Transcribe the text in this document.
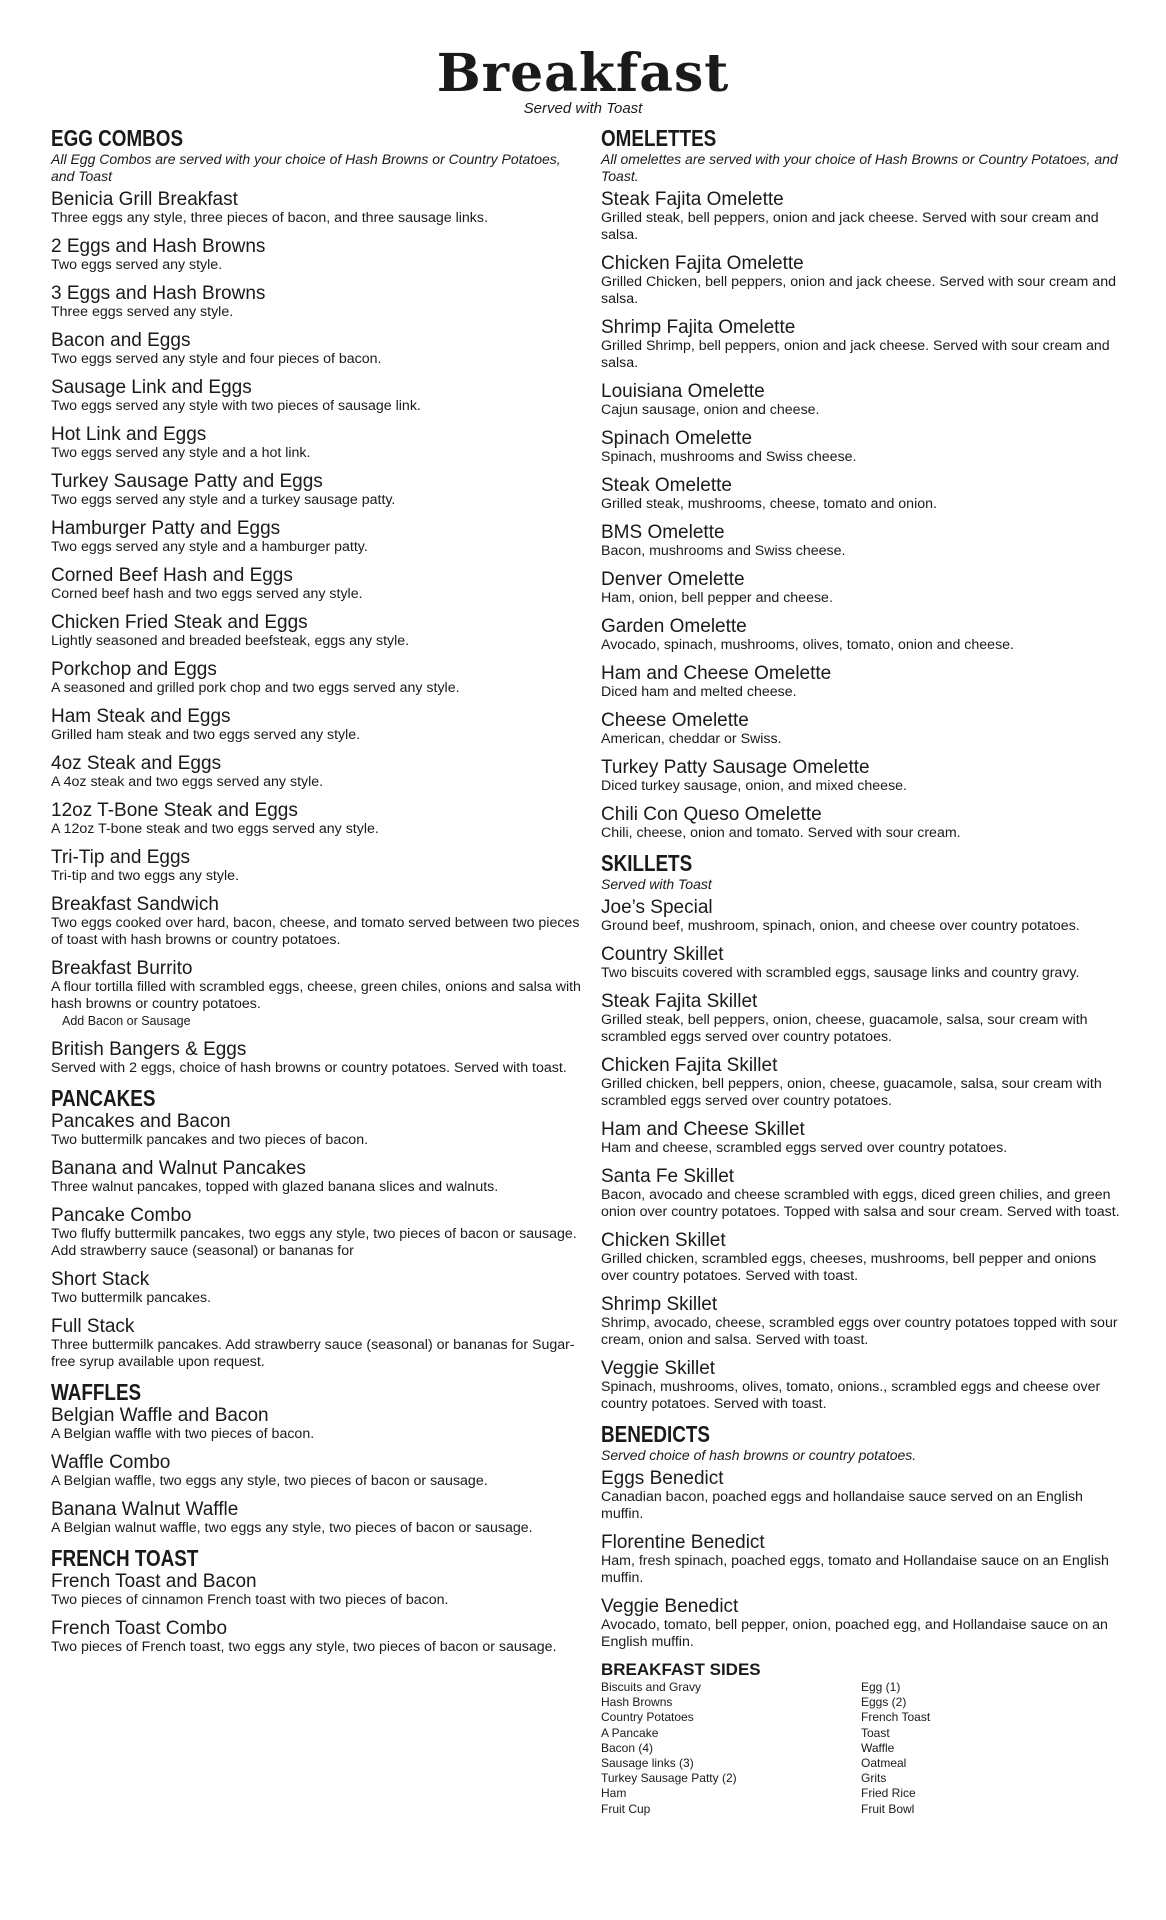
Breakfast
Served with Toast
EGG COMBOS
All Egg Combos are served with your choice of Hash Browns or Country Potatoes, and Toast
Benicia Grill Breakfast
Three eggs any style, three pieces of bacon, and three sausage links.
2 Eggs and Hash Browns
Two eggs served any style.
3 Eggs and Hash Browns
Three eggs served any style.
Bacon and Eggs
Two eggs served any style and four pieces of bacon.
Sausage Link and Eggs
Two eggs served any style with two pieces of sausage link.
Hot Link and Eggs
Two eggs served any style and a hot link.
Turkey Sausage Patty and Eggs
Two eggs served any style and a turkey sausage patty.
Hamburger Patty and Eggs
Two eggs served any style and a hamburger patty.
Corned Beef Hash and Eggs
Corned beef hash and two eggs served any style.
Chicken Fried Steak and Eggs
Lightly seasoned and breaded beefsteak, eggs any style.
Porkchop and Eggs
A seasoned and grilled pork chop and two eggs served any style.
Ham Steak and Eggs
Grilled ham steak and two eggs served any style.
4oz Steak and Eggs
A 4oz steak and two eggs served any style.
12oz T-Bone Steak and Eggs
A 12oz T-bone steak and two eggs served any style.
Tri-Tip and Eggs
Tri-tip and two eggs any style.
Breakfast Sandwich
Two eggs cooked over hard, bacon, cheese, and tomato served between two pieces of toast with hash browns or country potatoes.
Breakfast Burrito
A flour tortilla filled with scrambled eggs, cheese, green chiles, onions and salsa with hash browns or country potatoes.
Add Bacon or Sausage
British Bangers & Eggs
Served with 2 eggs, choice of hash browns or country potatoes. Served with toast.
PANCAKES
Pancakes and Bacon
Two buttermilk pancakes and two pieces of bacon.
Banana and Walnut Pancakes
Three walnut pancakes, topped with glazed banana slices and walnuts.
Pancake Combo
Two fluffy buttermilk pancakes, two eggs any style, two pieces of bacon or sausage. Add strawberry sauce (seasonal) or bananas for
Short Stack
Two buttermilk pancakes.
Full Stack
Three buttermilk pancakes. Add strawberry sauce (seasonal) or bananas for Sugar-free syrup available upon request.
WAFFLES
Belgian Waffle and Bacon
A Belgian waffle with two pieces of bacon.
Waffle Combo
A Belgian waffle, two eggs any style, two pieces of bacon or sausage.
Banana Walnut Waffle
A Belgian walnut waffle, two eggs any style, two pieces of bacon or sausage.
FRENCH TOAST
French Toast and Bacon
Two pieces of cinnamon French toast with two pieces of bacon.
French Toast Combo
Two pieces of French toast, two eggs any style, two pieces of bacon or sausage.
OMELETTES
All omelettes are served with your choice of Hash Browns or Country Potatoes, and Toast.
Steak Fajita Omelette
Grilled steak, bell peppers, onion and jack cheese. Served with sour cream and salsa.
Chicken Fajita Omelette
Grilled Chicken, bell peppers, onion and jack cheese. Served with sour cream and salsa.
Shrimp Fajita Omelette
Grilled Shrimp, bell peppers, onion and jack cheese. Served with sour cream and salsa.
Louisiana Omelette
Cajun sausage, onion and cheese.
Spinach Omelette
Spinach, mushrooms and Swiss cheese.
Steak Omelette
Grilled steak, mushrooms, cheese, tomato and onion.
BMS Omelette
Bacon, mushrooms and Swiss cheese.
Denver Omelette
Ham, onion, bell pepper and cheese.
Garden Omelette
Avocado, spinach, mushrooms, olives, tomato, onion and cheese.
Ham and Cheese Omelette
Diced ham and melted cheese.
Cheese Omelette
American, cheddar or Swiss.
Turkey Patty Sausage Omelette
Diced turkey sausage, onion, and mixed cheese.
Chili Con Queso Omelette
Chili, cheese, onion and tomato. Served with sour cream.
SKILLETS
Served with Toast
Joe’s Special
Ground beef, mushroom, spinach, onion, and cheese over country potatoes.
Country Skillet
Two biscuits covered with scrambled eggs, sausage links and country gravy.
Steak Fajita Skillet
Grilled steak, bell peppers, onion, cheese, guacamole, salsa, sour cream with scrambled eggs served over country potatoes.
Chicken Fajita Skillet
Grilled chicken, bell peppers, onion, cheese, guacamole, salsa, sour cream with scrambled eggs served over country potatoes.
Ham and Cheese Skillet
Ham and cheese, scrambled eggs served over country potatoes.
Santa Fe Skillet
Bacon, avocado and cheese scrambled with eggs, diced green chilies, and green onion over country potatoes. Topped with salsa and sour cream. Served with toast.
Chicken Skillet
Grilled chicken, scrambled eggs, cheeses, mushrooms, bell pepper and onions over country potatoes. Served with toast.
Shrimp Skillet
Shrimp, avocado, cheese, scrambled eggs over country potatoes topped with sour cream, onion and salsa. Served with toast.
Veggie Skillet
Spinach, mushrooms, olives, tomato, onions., scrambled eggs and cheese over country potatoes. Served with toast.
BENEDICTS
Served choice of hash browns or country potatoes.
Eggs Benedict
Canadian bacon, poached eggs and hollandaise sauce served on an English muffin.
Florentine Benedict
Ham, fresh spinach, poached eggs, tomato and Hollandaise sauce on an English muffin.
Veggie Benedict
Avocado, tomato, bell pepper, onion, poached egg, and Hollandaise sauce on an English muffin.
BREAKFAST SIDES
Biscuits and Gravy
Hash Browns
Country Potatoes
A Pancake
Bacon (4)
Sausage links (3)
Turkey Sausage Patty (2)
Ham
Fruit Cup
Egg (1)
Eggs (2)
French Toast
Toast
Waffle
Oatmeal
Grits
Fried Rice
Fruit Bowl
